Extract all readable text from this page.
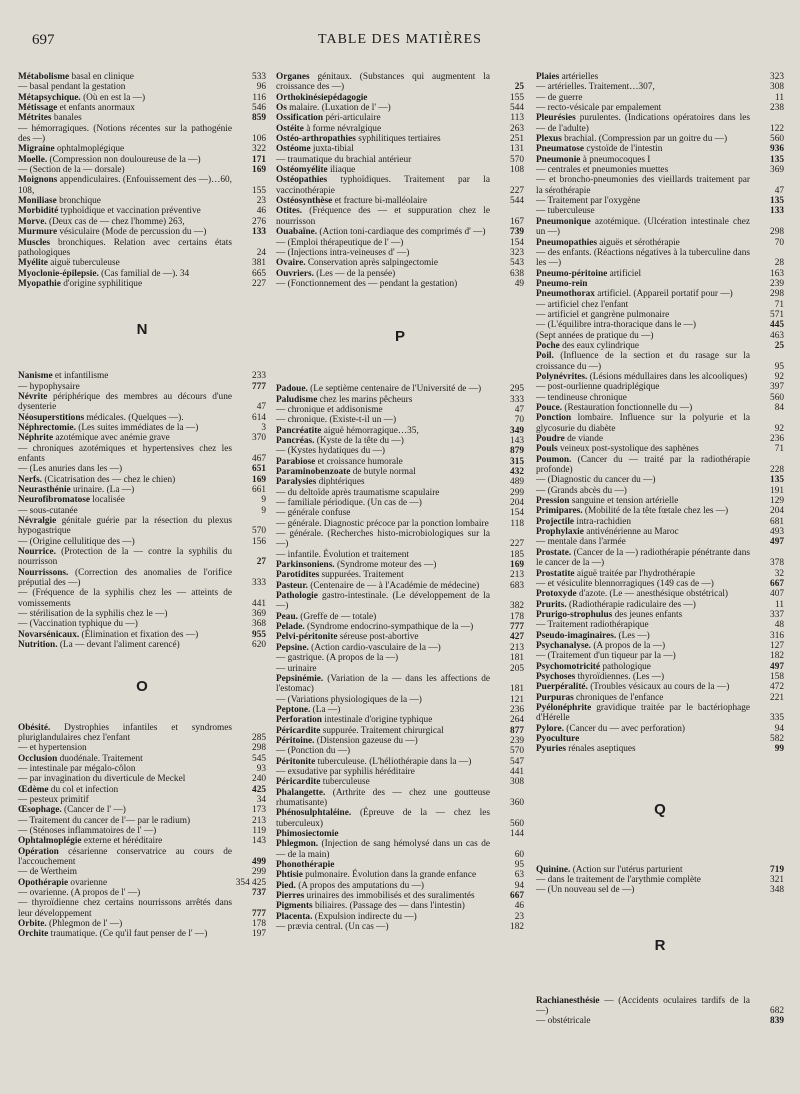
697	TABLE DES MATIÈRES
Métabolisme basal en clinique	533
— basal pendant la gestation	96
Métapsychique. (Où en est la —)	116
Métissage et enfants anormaux	546
Métrites banales	859
— hémorragiques. (Notions récentes sur la pathogénie des —)	106
Migraine ophtalmoplégique	322
Moelle. (Compression non douloureuse de la —)	171
— (Section de la — dorsale)	169
Moignons appendiculaires. (Enfouissement des —)…60, 108,	155
Moniliase bronchique	23
Morbidité typhoïdique et vaccination préventive	46
Morve. (Deux cas de — chez l'homme) 263,	276
Murmure vésiculaire (Mode de percussion du —)	133
Muscles bronchiques. Relation avec certains états pathologiques	24
Myélite aiguë tuberculeuse	381
Myoclonie-épilepsie. (Cas familial de —). 34	665
Myopathie d'origine syphilitique	227
N
Nanisme et infantilisme	233
— hypophysaire	777
Névrite périphérique des membres au décours d'une dysenterie	47
Néosuperstitions médicales. (Quelques —).	614
Néphrectomie. (Les suites immédiates de la —)	3
Néphrite azotémique avec anémie grave	370
— chroniques azotémiques et hypertensives chez les enfants	467
— (Les anuries dans les —)	651
Nerfs. (Cicatrisation des — chez le chien)	169
Neurasthénie urinaire. (La —)	661
Neurofibromatose localisée	9
— sous-cutanée	9
Névralgie génitale guérie par la résection du plexus hypogastrique	570
— (Origine cellulitique des —)	156
Nourrice. (Protection de la — contre la syphilis du nourrisson	27
Nourrissons. (Correction des anomalies de l'orifice préputial des —)	333
— (Fréquence de la syphilis chez les — atteints de vomissements	441
— stérilisation de la syphilis chez le —)	369
— (Vaccination typhique du —)	368
Novarsénicaux. (Élimination et fixation des —)	955
Nutrition. (La — devant l'aliment carencé)	620
O
Obésité. Dystrophies infantiles et syndromes pluriglandulaires chez l'enfant	285
— et hypertension	298
Occlusion duodénale. Traitement	545
— intestinale par mégalo-côlon	93
— par invagination du diverticule de Meckel	240
Œdème du col et infection	425
— pesteux primitif	34
Œsophage. (Cancer de l' —)	173
— Traitement du cancer de l'— par le radium)	213
— (Sténoses inflammatoires de l' —)	119
Ophtalmoplégie externe et héréditaire	143
Opération césarienne conservatrice au cours de l'accouchement	499
— de Wertheim	299
Opothérapie ovarienne	354 425
— ovarienne. (A propos de l' —)	737
— thyroïdienne chez certains nourrissons arrêtés dans leur développement	777
Orbite. (Phlegmon de l' —)	178
Orchite traumatique. (Ce qu'il faut penser de l' —)	197
Organes génitaux. (Substances qui augmentent la croissance des —)	25
Orthokinésiepédagogie	155
Os malaire. (Luxation de l' —)	544
Ossification péri-articulaire	113
Ostéite à forme névralgique	263
Ostéo-arthropathies syphilitiques tertiaires	251
Ostéome juxta-tibial	131
— traumatique du brachial antérieur	570
Ostéomyélite iliaque	108
Ostéopathies typhoïdiques. Traitement par la vaccinothérapie	227
Ostéosynthèse et fracture bi-malléolaire	544
Otites. (Fréquence des — et suppuration chez le nourrisson	167
Ouabaïne. (Action toni-cardiaque des comprimés d' —)	739
— (Emploi thérapeutique de l' —)	154
— (Injections intra-veineuses d' —)	323
Ovaire. Conservation après salpingectomie	543
Ouvriers. (Les — de la pensée)	638
— (Fonctionnement des — pendant la gestation)	49
P
Padoue. (Le septième centenaire de l'Université de —)	295
Paludisme chez les marins pêcheurs	333
— chronique et addisonisme	47
— chronique. (Existe-t-il un —)	70
Pancréatite aiguë hémorragique…35,	349
Pancréas. (Kyste de la tête du —)	143
— (Kystes hydatiques du —)	879
Parabiose et croissance humorale	315
Paraminobenzoate de butyle normal	432
Paralysies diphtériques	489
— du deltoïde après traumatisme scapulaire	299
— familiale périodique. (Un cas de —)	204
— générale confuse	154
— générale. Diagnostic précoce par la ponction lombaire	118
— générale. (Recherches histo-microbiologiques sur la —)	227
— infantile. Évolution et traitement	185
Parkinsoniens. (Syndrome moteur des —)	169
Parotidites suppurées. Traitement	213
Pasteur. (Centenaire de — à l'Académie de médecine)	683
Pathologie gastro-intestinale. (Le développement de la —)	382
Peau. (Greffe de — totale)	178
Pelade. (Syndrome endocrino-sympathique de la —)	777
Pelvi-péritonite séreuse post-abortive	427
Pepsine. (Action cardio-vasculaire de la —)	213
— gastrique. (A propos de la —)	181
— urinaire	205
Pepsinémie. (Variation de la — dans les affections de l'estomac)	181
— (Variations physiologiques de la —)	121
Peptone. (La —)	236
Perforation intestinale d'origine typhique	264
Péricardite suppurée. Traitement chirurgical	877
Péritoine. (Distension gazeuse du —)	239
— (Ponction du —)	570
Péritonite tuberculeuse. (L'héliothérapie dans la —)	547
— exsudative par syphilis héréditaire	441
Péricardite tuberculeuse	308
Phalangette. (Arthrite des — chez une goutteuse rhumatisante)	360
Phénosulphtaléine. (Épreuve de la — chez les tuberculeux)	560
Phimosiectomie	144
Phlegmon. (Injection de sang hémolysé dans un cas de — de la main)	60
Phonothérapie	95
Phtisie pulmonaire. Évolution dans la grande enfance	63
Pied. (A propos des amputations du —)	94
Pierres urinaires des immobilisés et des suralimentés	667
Pigments biliaires. (Passage des — dans l'intestin)	46
Placenta. (Expulsion indirecte du —)	23
— prævia central. (Un cas —)	182
Plaies artérielles	323
— artérielles. Traitement…307,	308
— de guerre	11
— recto-vésicale par empalement	238
Pleurésies purulentes. (Indications opératoires dans les — de l'adulte)	122
Plexus brachial. (Compression par un goitre du —)	560
Pneumatose cystoïde de l'intestin	936
Pneumonie à pneumocoques I	135
— centrales et pneumonies muettes	369
— et broncho-pneumonies des vieillards traitement par la sérothérapie	47
— Traitement par l'oxygène	135
— tuberculeuse	133
Pneumonique azotémique. (Ulcération intestinale chez un —)	298
Pneumopathies aiguës et sérothérapie	70
— des enfants. (Réactions négatives à la tuberculine dans les —)	28
Pneumo-péritoine artificiel	163
Pneumo-rein	239
Pneumothorax artificiel. (Appareil portatif pour —)	298
— artificiel chez l'enfant	71
— artificiel et gangrène pulmonaire	571
— (L'équilibre intra-thoracique dans le —)	445
(Sept années de pratique du —)	463
Poche des eaux cylindrique	25
Poil. (Influence de la section et du rasage sur la croissance du —)	95
Polynévrites. (Lésions médullaires dans les alcooliques)	92
— post-ourlienne quadriplégique	397
— tendineuse chronique	560
Pouce. (Restauration fonctionnelle du —)	84
Ponction lombaire. Influence sur la polyurie et la glycosurie du diabète	92
Poudre de viande	236
Pouls veineux post-systolique des saphènes	71
Poumon. (Cancer du — traité par la radiothérapie profonde)	228
— (Diagnostic du cancer du —)	135
— (Grands abcès du —)	191
Pression sanguine et tension artérielle	129
Primipares. (Mobilité de la tête fœtale chez les —)	204
Projectile intra-rachidien	681
Prophylaxie antivénérienne au Maroc	493
— mentale dans l'armée	497
Prostate. (Cancer de la —) radiothérapie pénétrante dans le cancer de la —)	378
Prostatite aiguë traitée par l'hydrothérapie	32
— et vésiculite blennorragiques (149 cas de —)	667
Protoxyde d'azote. (Le — anesthésique obstétrical)	407
Prurits. (Radiothérapie radiculaire des —)	11
Prurigo-strophulus des jeunes enfants	337
— Traitement radiothérapique	48
Pseudo-imaginaires. (Les —)	316
Psychanalyse. (A propos de la —)	127
— (Traitement d'un tiqueur par la —)	182
Psychomotricité pathologique	497
Psychoses thyroïdiennes. (Les —)	158
Puerpéralité. (Troubles vésicaux au cours de la —)	472
Purpuras chroniques de l'enfance	221
Pyélonéphrite gravidique traitée par le bactériophage d'Hérelle	335
Pylore. (Cancer du — avec perforation)	94
Pyoculture	582
Pyuries rénales aseptiques	99
Q
Quinine. (Action sur l'utérus parturient	719
— dans le traitement de l'arythmie complète	321
— (Un nouveau sel de —)	348
R
Rachianesthésie — (Accidents oculaires tardifs de la —)	682
— obstétricale	839
